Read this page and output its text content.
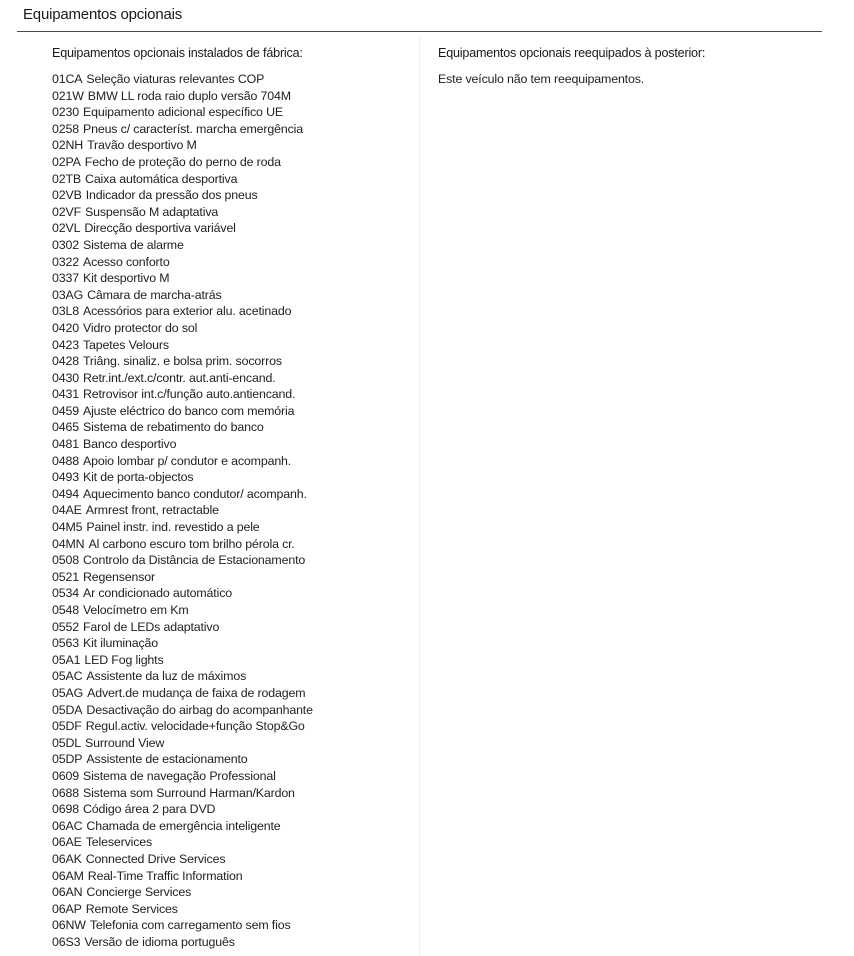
Equipamentos opcionais
Equipamentos opcionais instalados de fábrica:
01CA Seleção viaturas relevantes COP
021W BMW LL roda raio duplo versão 704M
0230 Equipamento adicional específico UE
0258 Pneus c/ característ. marcha emergência
02NH Travão desportivo M
02PA Fecho de proteção do perno de roda
02TB Caixa automática desportiva
02VB Indicador da pressão dos pneus
02VF Suspensão M adaptativa
02VL Direcção desportiva variável
0302 Sistema de alarme
0322 Acesso conforto
0337 Kit desportivo M
03AG Câmara de marcha-atrás
03L8 Acessórios para exterior alu. acetinado
0420 Vidro protector do sol
0423 Tapetes Velours
0428 Triâng. sinaliz. e bolsa prim. socorros
0430 Retr.int./ext.c/contr. aut.anti-encand.
0431 Retrovisor int.c/função auto.antiencand.
0459 Ajuste eléctrico do banco com memória
0465 Sistema de rebatimento do banco
0481 Banco desportivo
0488 Apoio lombar p/ condutor e acompanh.
0493 Kit de porta-objectos
0494 Aquecimento banco condutor/ acompanh.
04AE Armrest front, retractable
04M5 Painel instr. ind. revestido a pele
04MN Al carbono escuro tom brilho pérola cr.
0508 Controlo da Distância de Estacionamento
0521 Regensensor
0534 Ar condicionado automático
0548 Velocímetro em Km
0552 Farol de LEDs adaptativo
0563 Kit iluminação
05A1 LED Fog lights
05AC Assistente da luz de máximos
05AG Advert.de mudança de faixa de rodagem
05DA Desactivação do airbag do acompanhante
05DF Regul.activ. velocidade+função Stop&Go
05DL Surround View
05DP Assistente de estacionamento
0609 Sistema de navegação Professional
0688 Sistema som Surround Harman/Kardon
0698 Código área 2 para DVD
06AC Chamada de emergência inteligente
06AE Teleservices
06AK Connected Drive Services
06AM Real-Time Traffic Information
06AN Concierge Services
06AP Remote Services
06NW Telefonia com carregamento sem fios
06S3 Versão de idioma português
Equipamentos opcionais reequipados à posterior:
Este veículo não tem reequipamentos.
